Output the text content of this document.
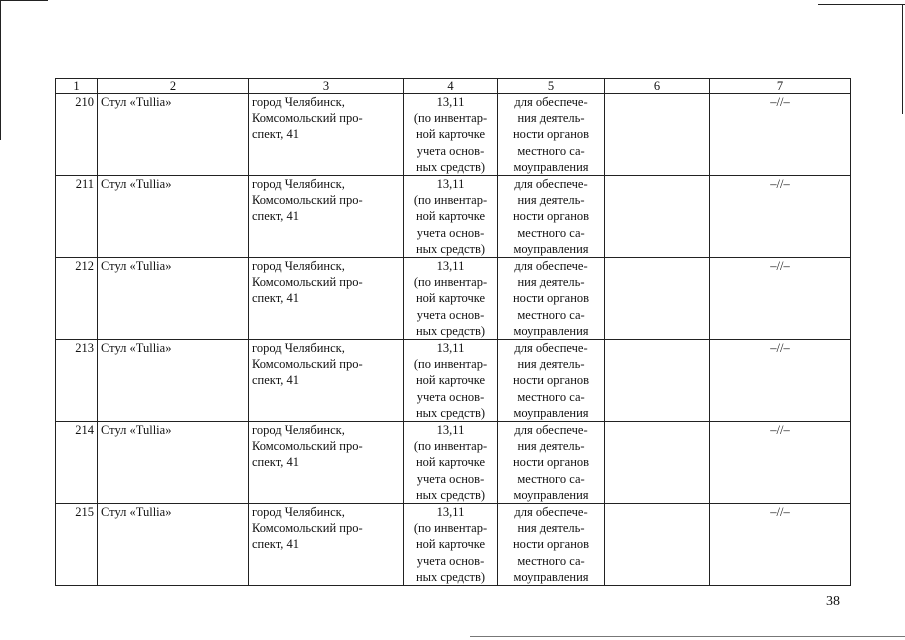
1	2	3	4	5	6	7
210	Стул «Tullia»	город Челябинск,
Комсомольский про-
спект, 41	13,11
(по инвентар-
ной карточке
учета основ-
ных средств)	для обеспече-
ния деятель-
ности органов
местного са-
моуправления		–//–
211	Стул «Tullia»	город Челябинск,
Комсомольский про-
спект, 41	13,11
(по инвентар-
ной карточке
учета основ-
ных средств)	для обеспече-
ния деятель-
ности органов
местного са-
моуправления		–//–
212	Стул «Tullia»	город Челябинск,
Комсомольский про-
спект, 41	13,11
(по инвентар-
ной карточке
учета основ-
ных средств)	для обеспече-
ния деятель-
ности органов
местного са-
моуправления		–//–
213	Стул «Tullia»	город Челябинск,
Комсомольский про-
спект, 41	13,11
(по инвентар-
ной карточке
учета основ-
ных средств)	для обеспече-
ния деятель-
ности органов
местного са-
моуправления		–//–
214	Стул «Tullia»	город Челябинск,
Комсомольский про-
спект, 41	13,11
(по инвентар-
ной карточке
учета основ-
ных средств)	для обеспече-
ния деятель-
ности органов
местного са-
моуправления		–//–
215	Стул «Tullia»	город Челябинск,
Комсомольский про-
спект, 41	13,11
(по инвентар-
ной карточке
учета основ-
ных средств)	для обеспече-
ния деятель-
ности органов
местного са-
моуправления		–//–
38
